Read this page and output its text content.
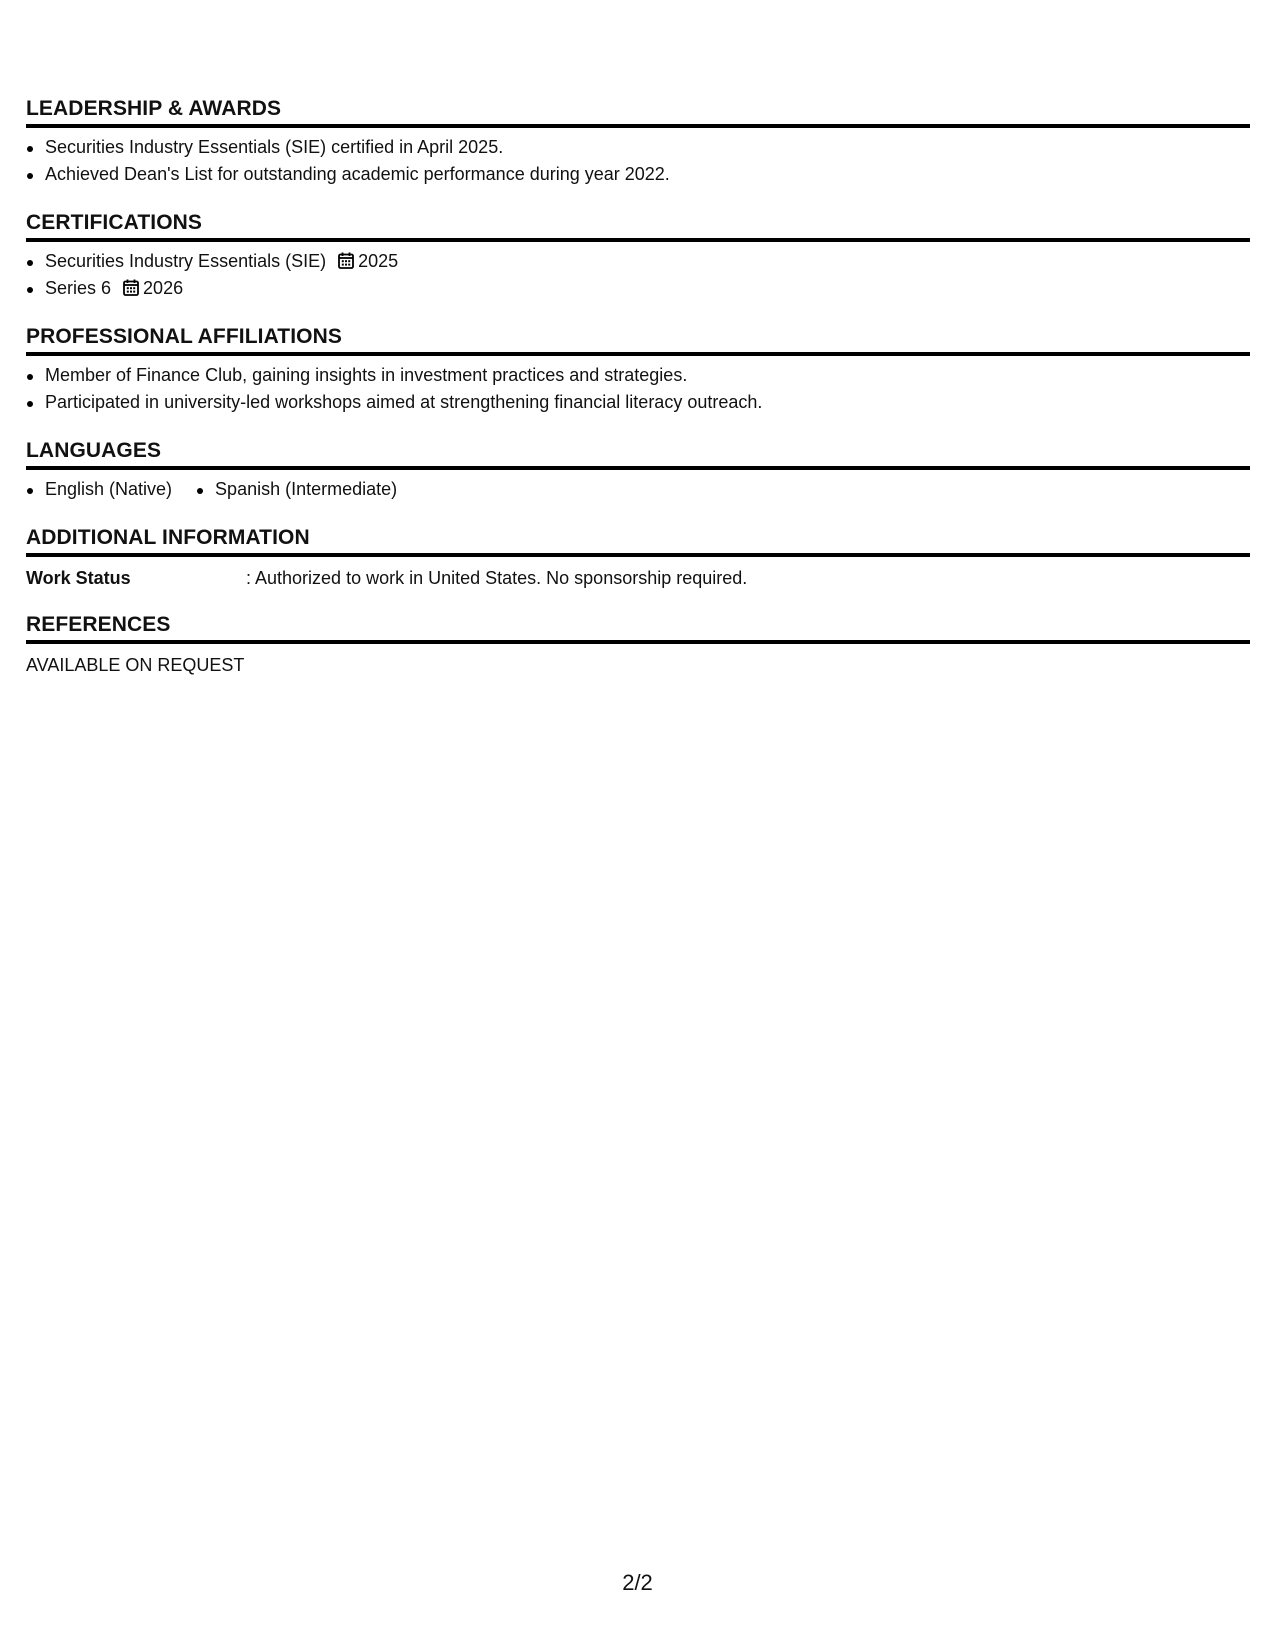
LEADERSHIP & AWARDS
Securities Industry Essentials (SIE) certified in April 2025.
Achieved Dean's List for outstanding academic performance during year 2022.
CERTIFICATIONS
Securities Industry Essentials (SIE) 2025
Series 6 2026
PROFESSIONAL AFFILIATIONS
Member of Finance Club, gaining insights in investment practices and strategies.
Participated in university-led workshops aimed at strengthening financial literacy outreach.
LANGUAGES
English (Native)	Spanish (Intermediate)
ADDITIONAL INFORMATION
Work Status	: Authorized to work in United States. No sponsorship required.
REFERENCES
AVAILABLE ON REQUEST
2/2
